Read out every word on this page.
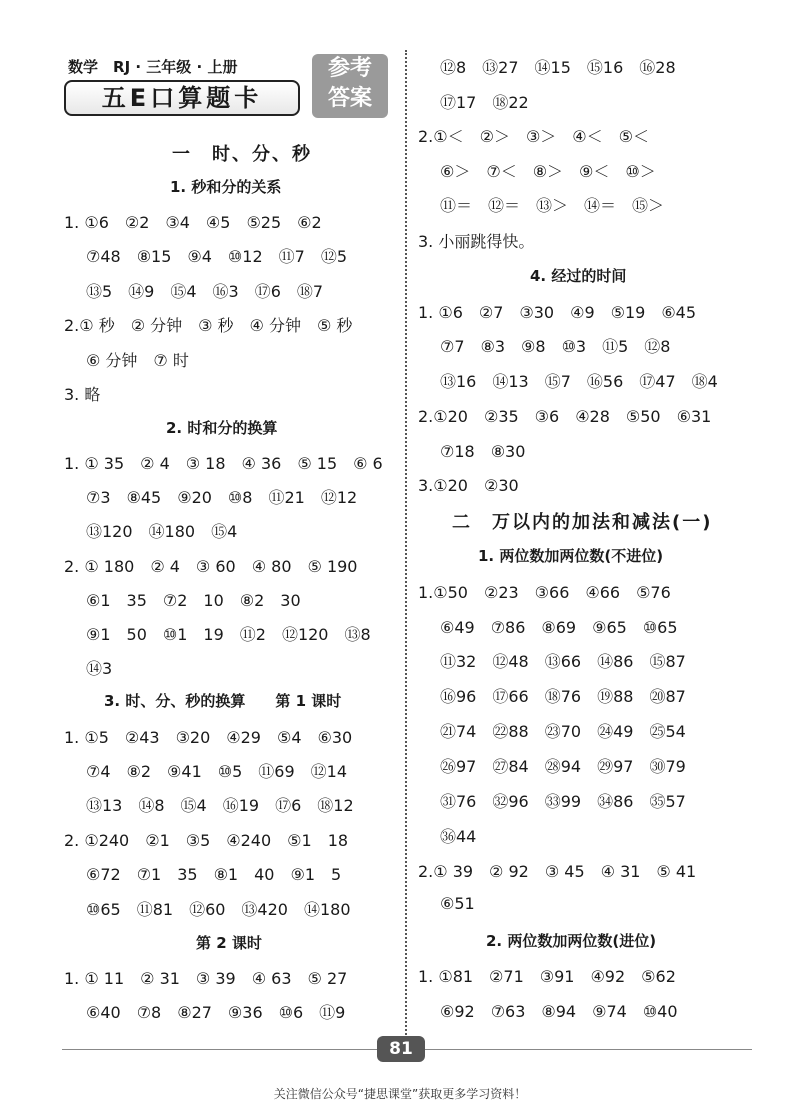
数学　 RJ · 三年级 · 上册
五E口算题卡
参考
答案
一　时、分、秒
1. 秒和分的关系
1. ①6　②2　③4　④5　⑤25　⑥2
⑦48　⑧15　⑨4　⑩12　⑪7　⑫5
⑬5　⑭9　⑮4　⑯3　⑰6　⑱7
2.① 秒　② 分钟　③ 秒　④ 分钟　⑤ 秒
⑥ 分钟　⑦ 时
3. 略
2. 时和分的换算
1. ① 35　② 4　③ 18　④ 36　⑤ 15　⑥ 6
⑦3　⑧45　⑨20　⑩8　⑪21　⑫12
⑬120　⑭180　⑮4
2. ① 180　② 4　③ 60　④ 80　⑤ 190
⑥1　35　⑦2　10　⑧2　30
⑨1　50　⑩1　19　⑪2　⑫120　⑬8
⑭3
3. 时、分、秒的换算　　第 1 课时
1. ①5　②43　③20　④29　⑤4　⑥30
⑦4　⑧2　⑨41　⑩5　⑪69　⑫14
⑬13　⑭8　⑮4　⑯19　⑰6　⑱12
2. ①240　②1　③5　④240　⑤1　18
⑥72　⑦1　35　⑧1　40　⑨1　5
⑩65　⑪81　⑫60　⑬420　⑭180
第 2 课时
1. ① 11　② 31　③ 39　④ 63　⑤ 27
⑥40　⑦8　⑧27　⑨36　⑩6　⑪9
⑫8　⑬27　⑭15　⑮16　⑯28
⑰17　⑱22
2.①＜　②＞　③＞　④＜　⑤＜
⑥＞　⑦＜　⑧＞　⑨＜　⑩＞
⑪＝　⑫＝　⑬＞　⑭＝　⑮＞
3. 小丽跳得快。
4. 经过的时间
1. ①6　②7　③30　④9　⑤19　⑥45
⑦7　⑧3　⑨8　⑩3　⑪5　⑫8
⑬16　⑭13　⑮7　⑯56　⑰47　⑱4
2.①20　②35　③6　④28　⑤50　⑥31
⑦18　⑧30
3.①20　②30
二　万以内的加法和减法(一)
1. 两位数加两位数(不进位)
1.①50　②23　③66　④66　⑤76
⑥49　⑦86　⑧69　⑨65　⑩65
⑪32　⑫48　⑬66　⑭86　⑮87
⑯96　⑰66　⑱76　⑲88　⑳87
㉑74　㉒88　㉓70　㉔49　㉕54
㉖97　㉗84　㉘94　㉙97　㉚79
㉛76　㉜96　㉝99　㉞86　㉟57
㊱44
2.① 39　② 92　③ 45　④ 31　⑤ 41
⑥51
2. 两位数加两位数(进位)
1. ①81　②71　③91　④92　⑤62
⑥92　⑦63　⑧94　⑨74　⑩40
81
关注微信公众号“捷思课堂”获取更多学习资料！
